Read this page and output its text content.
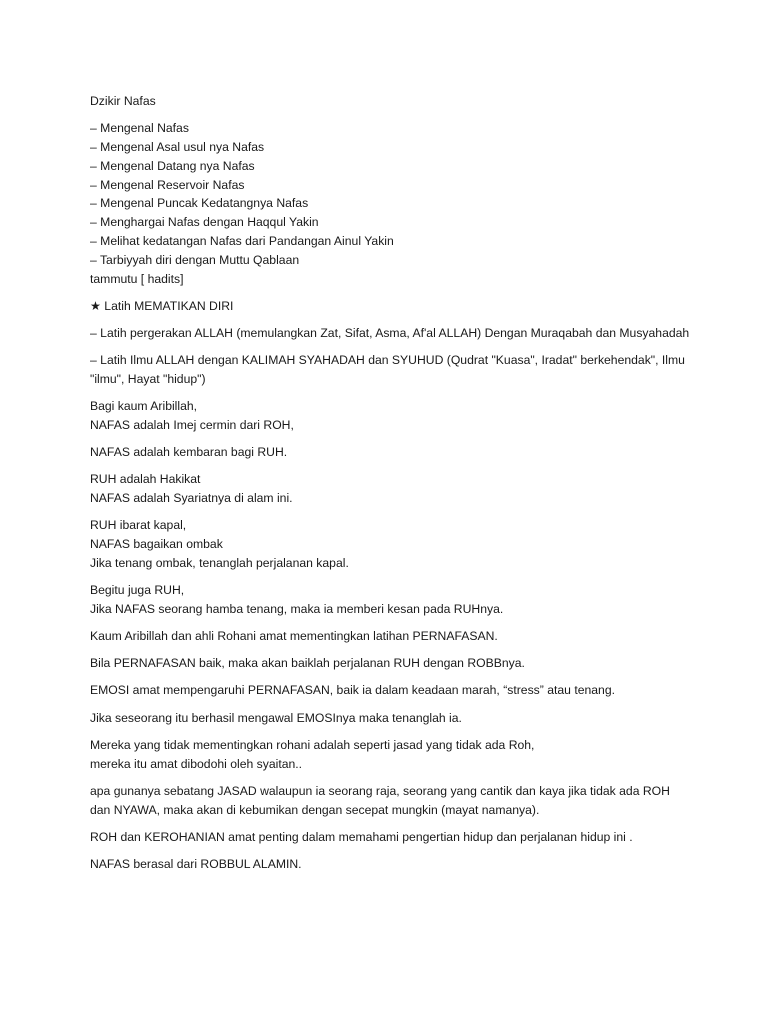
Dzikir Nafas

– Mengenal Nafas
– Mengenal Asal usul nya Nafas
– Mengenal Datang nya Nafas
– Mengenal Reservoir Nafas
– Mengenal Puncak Kedatangnya Nafas
– Menghargai Nafas dengan Haqqul Yakin
– Melihat kedatangan Nafas dari Pandangan Ainul Yakin
– Tarbiyyah diri dengan Muttu Qablaan
tammutu [ hadits]

★ Latih MEMATIKAN DIRI

– Latih pergerakan ALLAH (memulangkan Zat, Sifat, Asma, Af'al ALLAH) Dengan Muraqabah dan Musyahadah

– Latih Ilmu ALLAH dengan KALIMAH SYAHADAH dan SYUHUD (Qudrat "Kuasa", Iradat" berkehendak", Ilmu "ilmu", Hayat "hidup")

Bagi kaum Aribillah,
NAFAS adalah Imej cermin dari ROH,

NAFAS adalah kembaran bagi RUH.

RUH adalah Hakikat
NAFAS adalah Syariatnya di alam ini.

RUH ibarat kapal,
NAFAS bagaikan ombak
Jika tenang ombak, tenanglah perjalanan kapal.

Begitu juga RUH,
Jika NAFAS seorang hamba tenang, maka ia memberi kesan pada RUHnya.

Kaum Aribillah dan ahli Rohani amat mementingkan latihan PERNAFASAN.

Bila PERNAFASAN baik, maka akan baiklah perjalanan RUH dengan ROBBnya.

EMOSI amat mempengaruhi PERNAFASAN, baik ia dalam keadaan marah, “stress” atau tenang.

Jika seseorang itu berhasil mengawal EMOSInya maka tenanglah ia.

Mereka yang tidak mementingkan rohani adalah seperti jasad yang tidak ada Roh,
mereka itu amat dibodohi oleh syaitan..

apa gunanya sebatang JASAD walaupun ia seorang raja, seorang yang cantik dan kaya jika tidak ada ROH dan NYAWA, maka akan di kebumikan dengan secepat mungkin (mayat namanya).

ROH dan KEROHANIAN amat penting dalam memahami pengertian hidup dan perjalanan hidup ini .

NAFAS berasal dari ROBBUL ALAMIN.
